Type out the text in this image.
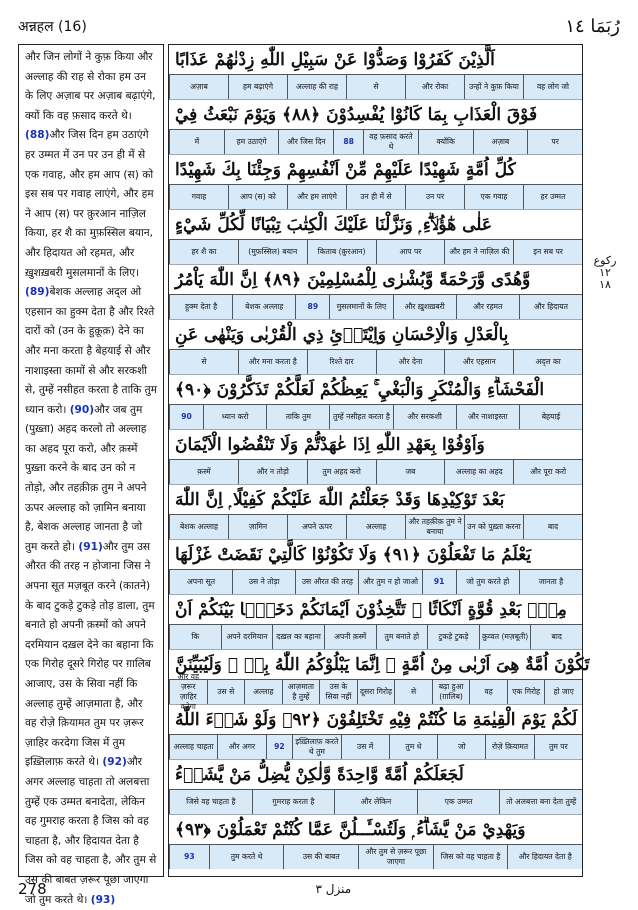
अन्नहल (16)	رُبَمَا ١٤
और जिन लोगों ने कुफ़ किया और अल्लाह की राह से रोका हम उन के लिए अज़ाब पर अज़ाब बढ़ाएंगे, क्यों कि वह फ़साद करते थे। (88)और जिस दिन हम उठाएंगे हर उम्मत में उन पर उन ही में से एक गवाह, और हम आप (स) को इस सब पर गवाह लाएंगे, और हम ने आप (स) पर क़ुरआन नाज़िल किया, हर शै का मुफ़स्सिल बयान, और हिदायत ओ रहमत, और ख़ुशख़बरी मुसलमानों के लिए। (89)बेशक अल्लाह अद्ल ओ एहसान का हुक्म देता है और रिश्ते दारों को (उन के हुक़ूक़) देने का और मना करता है बेहयाई से और नाशाइस्ता कामों से और सरकशी से, तुम्हें नसीहत करता है ताकि तुम ध्यान करो। (90)और जब तुम (पुख़्ता) अहद करलो तो अल्लाह का अहद पूरा करो, और क़स्में पुख़्ता करने के बाद उन को न तोड़ो, और तहक़ीक़ तुम ने अपने ऊपर अल्लाह को ज़ामिन बनाया है, बेशक अल्लाह जानता है जो तुम करते हो। (91)और तुम उस औरत की तरह न होजाना जिस ने अपना सूत मज़बूत करने (कातने) के बाद टुकड़े टुकड़े तोड़ डाला, तुम बनाते हो अपनी क़स्मों को अपने दरमियान दख़ल देने का बहाना कि एक गिरोह दूसरे गिरोह पर ग़ालिब आजाए, उस के सिवा नहीं कि अल्लाह तुम्हें आज़माता है, और वह रोज़े क़ियामत तुम पर ज़रूर ज़ाहिर करदेगा जिस में तुम इख़्तिलाफ़ करते थे। (92)और अगर अल्लाह चाहता तो अलबत्ता तुम्हें एक उम्मत बनादेता, लेकिन वह गुमराह करता है जिस को वह चाहता है, और हिदायत देता है जिस को वह चाहता है, और तुम से उस की बाबत ज़रूर पूछा जाएगा जो तुम करते थे। (93)
اَلَّذِيْنَ كَفَرُوْا وَصَدُّوْا عَنْ سَبِيْلِ اللّٰهِ زِدْنٰهُمْ عَذَابًا
वह लोग जो
उन्हों ने कुफ़ किया
और रोका
से
अल्लाह की राह
हम बढ़ाएंगे
अज़ाब
فَوْقَ الْعَذَابِ بِمَا كَانُوْا يُفْسِدُوْنَ ﴿٨٨﴾ وَيَوْمَ نَبْعَثُ فِيْ
पर
अज़ाब
क्योंकि
वह फ़साद करते थे
88
और जिस दिन
हम उठाएंगे
में
كُلِّ اُمَّةٍ شَهِيْدًا عَلَيْهِمْ مِّنْ اَنْفُسِهِمْ وَجِئْنَا بِكَ شَهِيْدًا
हर उम्मत
एक गवाह
उन पर
उन ही में से
और हम लाएंगे
आप (स) को
गवाह
عَلٰى هٰٓؤُلَاۗءِ ۭ وَنَزَّلْنَا عَلَيْكَ الْكِتٰبَ تِبْيَانًا لِّكُلِّ شَيْءٍ
इन सब पर
और हम ने नाज़िल की
आप पर
किताब (क़ुरआन)
(मुफ़स्सिल) बयान
हर शै का
وَّهُدًى وَّرَحْمَةً وَّبُشْرٰى لِلْمُسْلِمِيْنَ ﴿٨٩﴾ اِنَّ اللّٰهَ يَاْمُرُ
और हिदायत
और रहमत
और ख़ुशख़बरी
मुसलमानों के लिए
89
बेशक अल्लाह
हुक्म देता है
بِالْعَدْلِ وَالْاِحْسَانِ وَاِيْتَاۗئِ ذِي الْقُرْبٰى وَيَنْهٰى عَنِ
अद्ल का
और एहसान
और देना
रिश्ते दार
और मना करता है
से
الْفَحْشَاۗءِ وَالْمُنْكَرِ وَالْبَغْيِ ۚ يَعِظُكُمْ لَعَلَّكُمْ تَذَكَّرُوْنَ ﴿٩٠﴾
बेहयाई
और नाशाइस्ता
और सरकशी
तुम्हें नसीहत करता है
ताकि तुम
ध्यान करो
90
وَاَوْفُوْا بِعَهْدِ اللّٰهِ اِذَا عٰهَدْتُّمْ وَلَا تَنْقُضُوا الْاَيْمَانَ
और पूरा करो
अल्लाह का अहद
जब
तुम अहद करो
और न तोड़ो
क़स्में
بَعْدَ تَوْكِيْدِهَا وَقَدْ جَعَلْتُمُ اللّٰهَ عَلَيْكُمْ كَفِيْلًا ۭ اِنَّ اللّٰهَ
बाद
उन को पुख़्ता करना
और तहक़ीक़ तुम ने बनाया
अल्लाह
अपने ऊपर
ज़ामिन
बेशक अल्लाह
يَعْلَمُ مَا تَفْعَلُوْنَ ﴿٩١﴾ وَلَا تَكُوْنُوْا كَالَّتِيْ نَقَضَتْ غَزْلَهَا
जानता है
जो तुम करते हो
91
और तुम न हो जाओ
उस औरत की तरह
उस ने तोड़ा
अपना सूत
مِنْۢ بَعْدِ قُوَّةٍ اَنْكَاثًا ۭ تَتَّخِذُوْنَ اَيْمَانَكُمْ دَخَلًۢا بَيْنَكُمْ اَنْ
बाद
क़ुव्वत (मज़बूती)
टुकड़े टुकड़े
तुम बनाते हो
अपनी क़स्में
दख़ल का बहाना
अपने दरमियान
कि
تَكُوْنَ اُمَّةٌ هِىَ اَرْبٰى مِنْ اُمَّةٍ ۭ اِنَّمَا يَبْلُوْكُمُ اللّٰهُ بِهٖ ۭ وَلَيُبَيِّنَنَّ
हो जाए
एक गिरोह
वह
बढ़ा हुआ (ग़ालिब)
से
दूसरा गिरोह
उस के सिवा नहीं
आज़माता है तुम्हें
अल्लाह
उस से
और वह ज़रूर ज़ाहिर करेगा
لَكُمْ يَوْمَ الْقِيٰمَةِ مَا كُنْتُمْ فِيْهِ تَخْتَلِفُوْنَ ﴿٩٢﴾ وَلَوْ شَاۗءَ اللّٰهُ
तुम पर
रोज़े क़ियामत
जो
तुम थे
उस में
इख़्तिलाफ़ करते थे तुम
92
और अगर
अल्लाह चाहता
لَجَعَلَكُمْ اُمَّةً وَّاحِدَةً وَّلٰكِنْ يُّضِلُّ مَنْ يَّشَاۗءُ
तो अलबत्ता बना देता तुम्हें
एक उम्मत
और लेकिन
गुमराह करता है
जिसे वह चाहता है
وَيَهْدِيْ مَنْ يَّشَاۗءُ ۭ وَلَتُسْـَٔــلُنَّ عَمَّا كُنْتُمْ تَعْمَلُوْنَ ﴿٩٣﴾
और हिदायत देता है
जिस को वह चाहता है
और तुम से ज़रूर पूछा जाएगा
उस की बाबत
तुम करते थे
93
رکوع
١٢
١٨
278	منزل ۳
